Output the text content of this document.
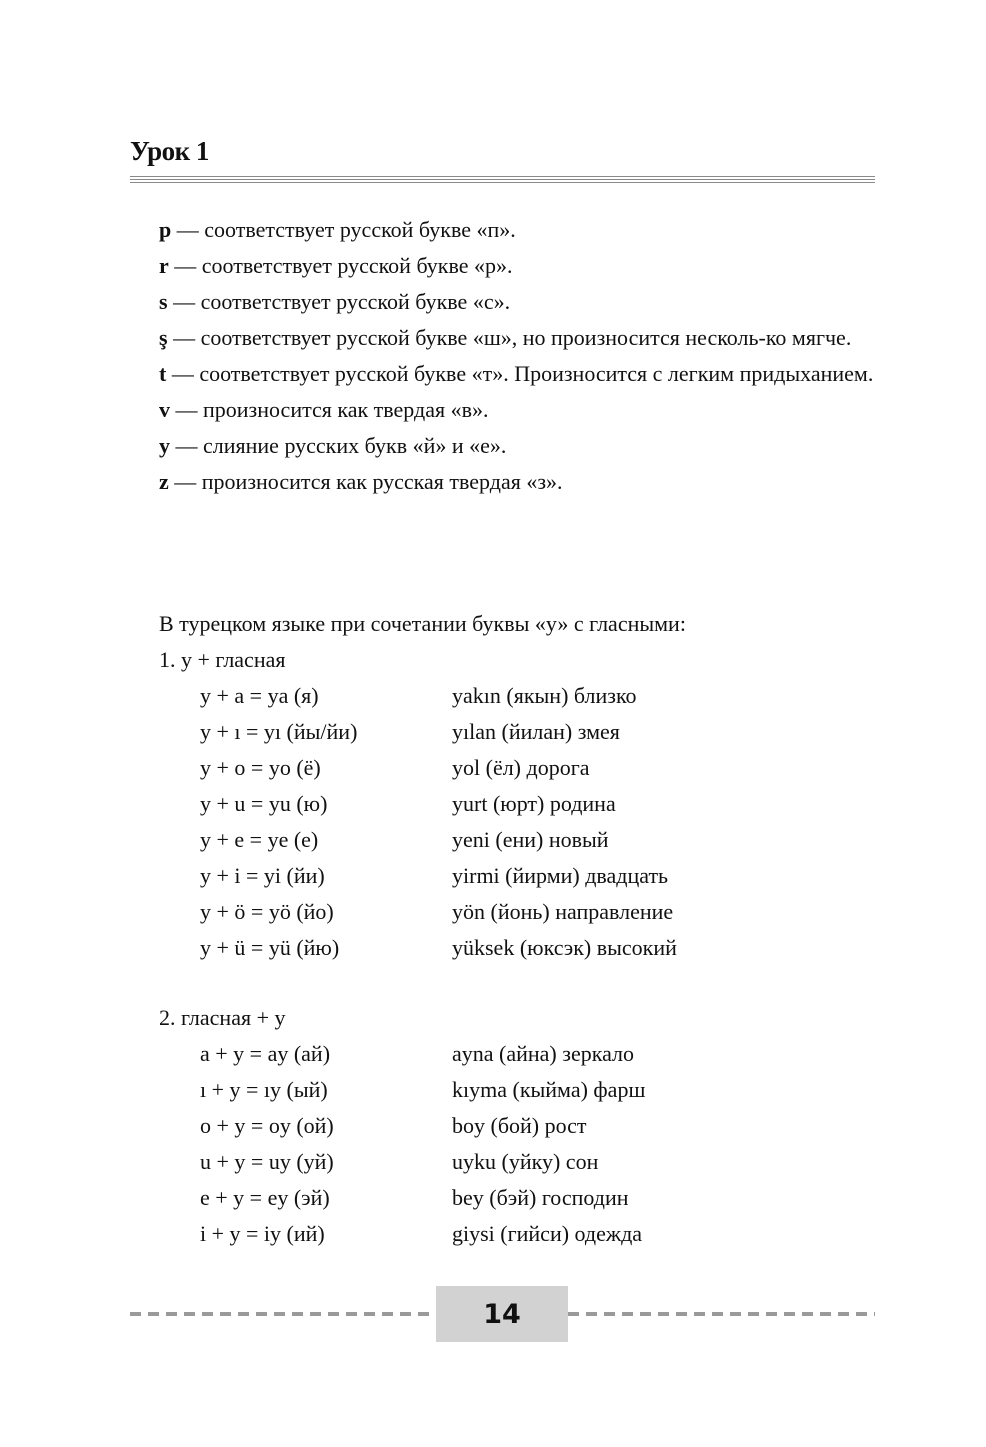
Урок 1
p — соответствует русской букве «п».
r — соответствует русской букве «р».
s — соответствует русской букве «с».
ş — соответствует русской букве «ш», но произносится несколь-ко мягче.
t — соответствует русской букве «т». Произносится с легким придыханием.
v — произносится как твердая «в».
y — слияние русских букв «й» и «е».
z — произносится как русская твердая «з».
В турецком языке при сочетании буквы «у» с гласными:
1. y + гласная
y + a = ya (я)	yakın (якын) близко
y + ı = yı (йы/йи)	yılan (йилан) змея
y + o = yo (ё)	yol (ёл) дорога
y + u = yu (ю)	yurt (юрт) родина
y + e = ye (е)	yeni (ени) новый
y + i = yi (йи)	yirmi (йирми) двадцать
y + ö = yö (йо)	yön (йонь) направление
y + ü = yü (йю)	yüksek (юксэк) высокий
2. гласная + y
a + y = ay (ай)	ayna (айна) зеркало
ı + y = ıy (ый)	kıyma (кыйма) фарш
o + y = oy (ой)	boy (бой) рост
u + y = uy (уй)	uyku (уйку) сон
e + y = ey (эй)	bey (бэй) господин
i + y = iy (ий)	giysi (гийси) одежда
14
